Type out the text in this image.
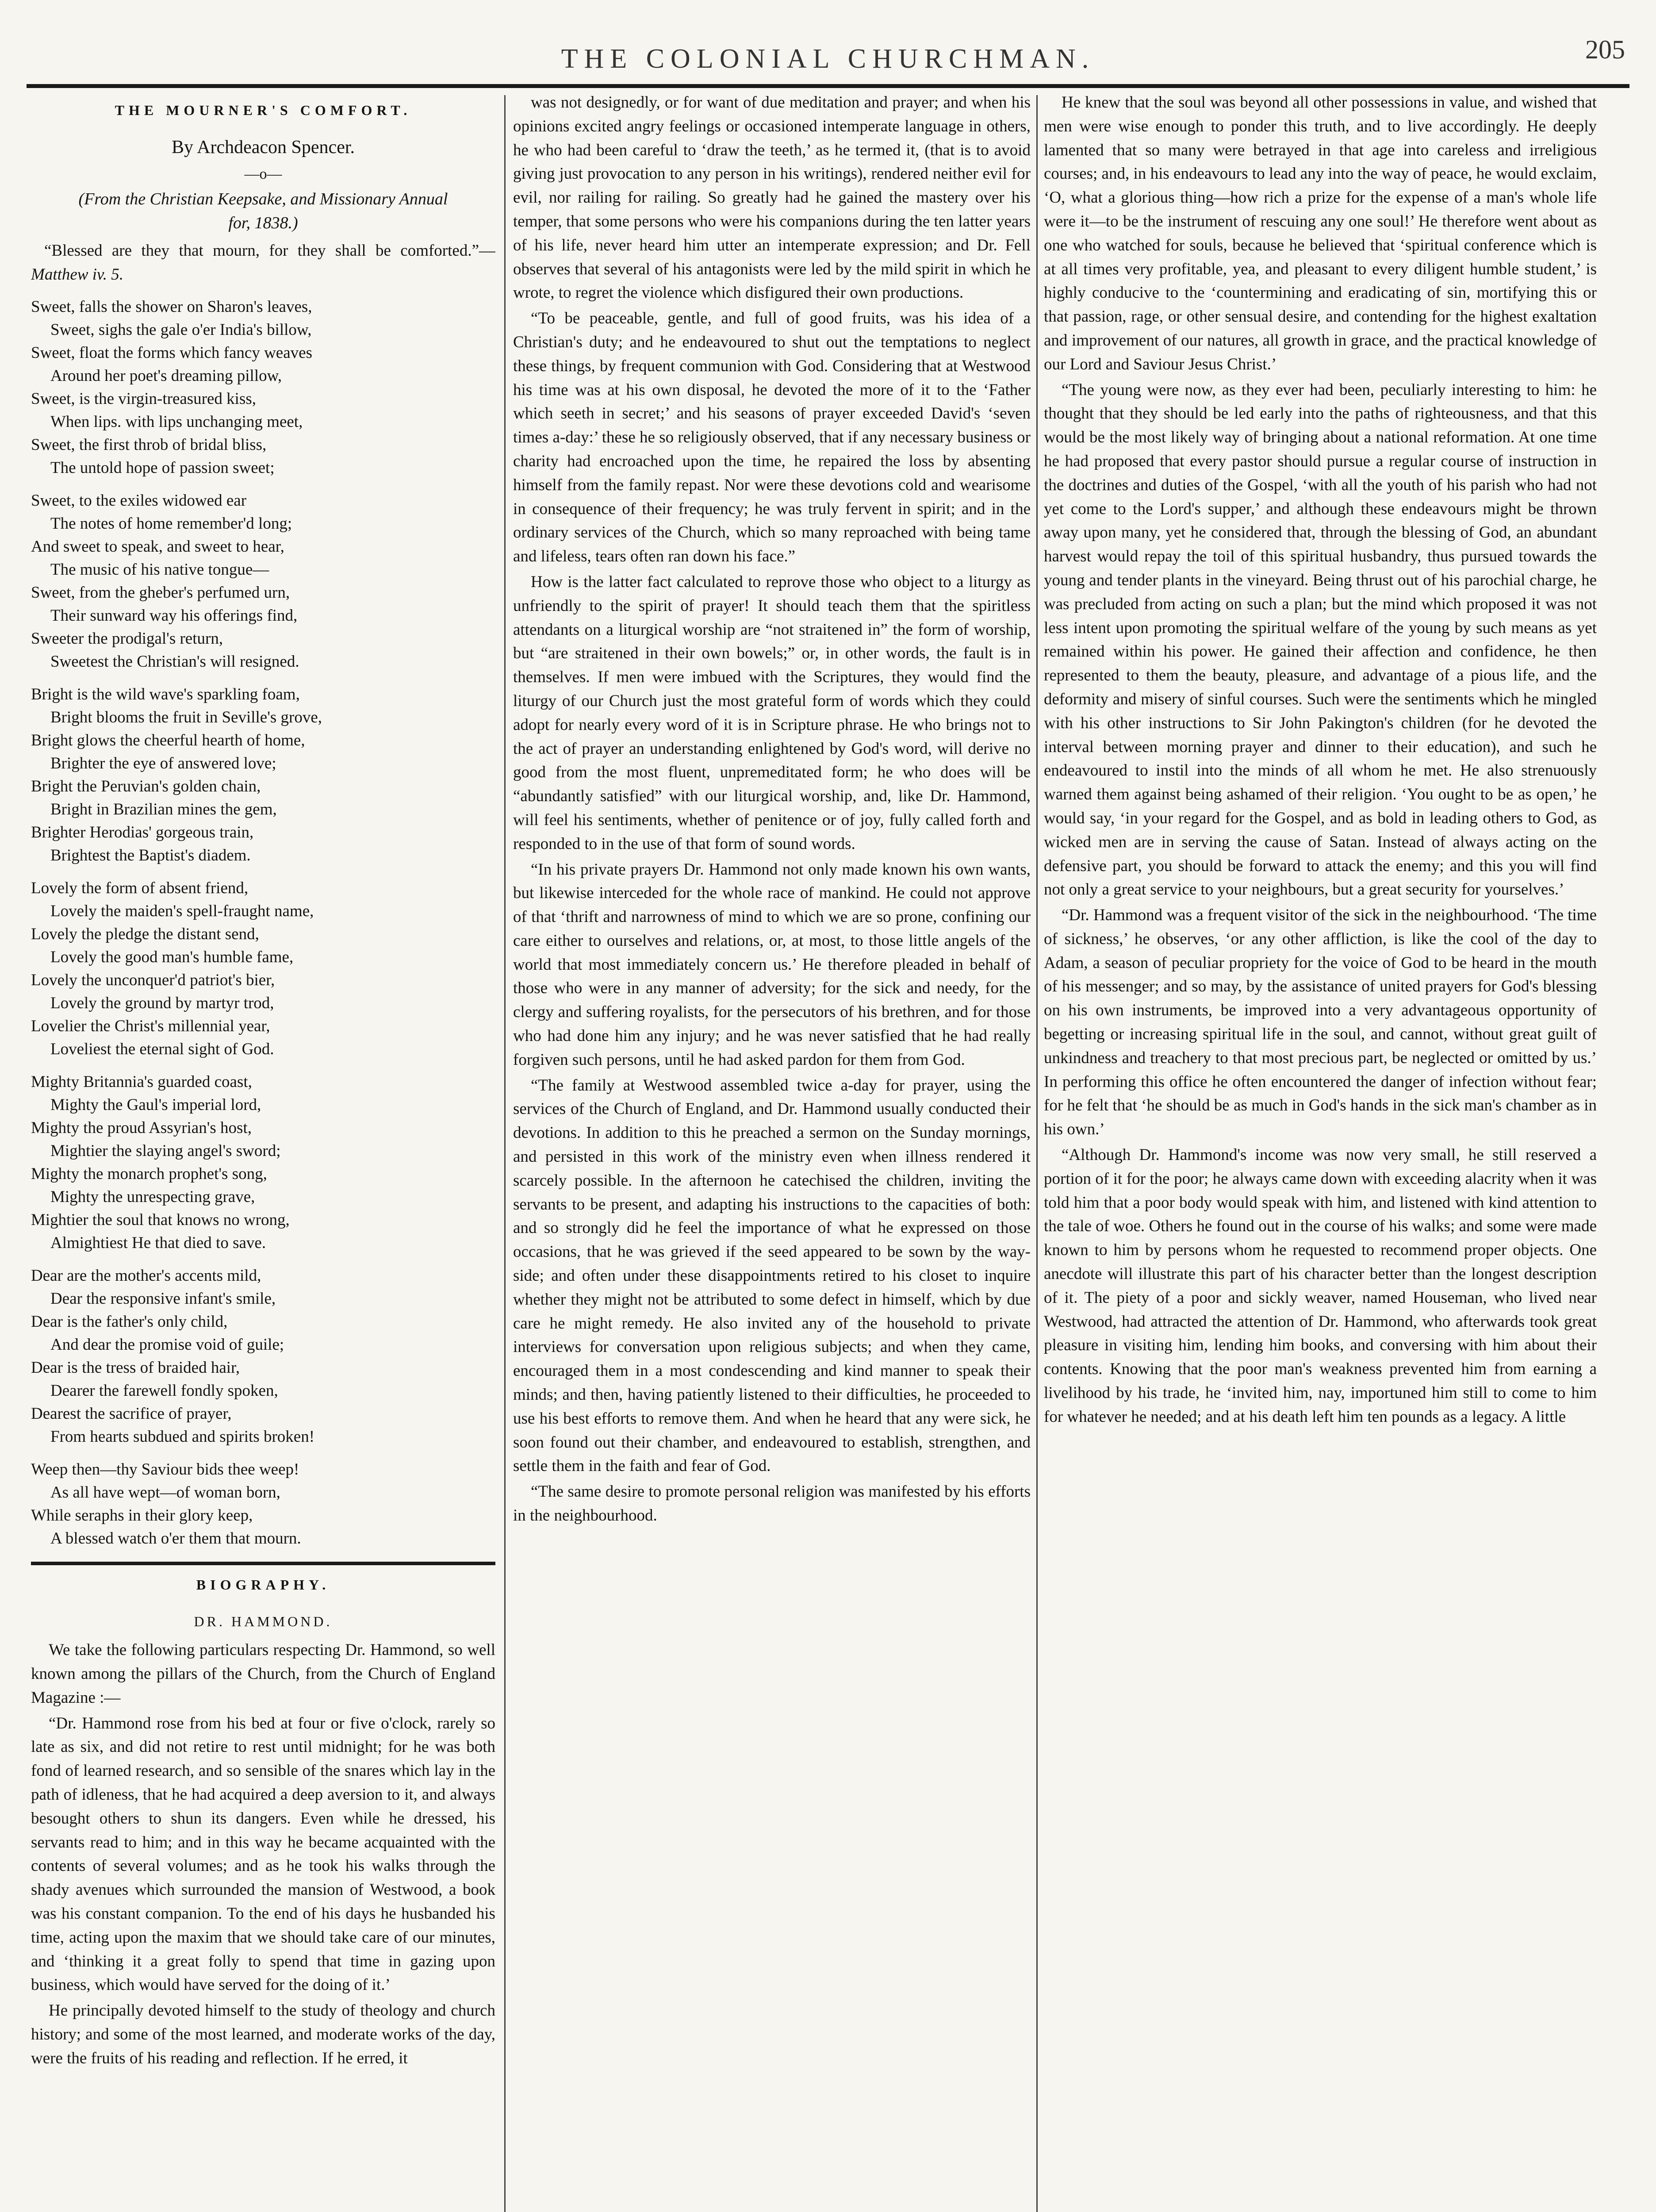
THE COLONIAL CHURCHMAN.	205
THE MOURNER'S COMFORT.
By Archdeacon Spencer.
—o—
(From the Christian Keepsake, and Missionary Annual
for, 1838.)
“Blessed are they that mourn, for they shall be comforted.”—Matthew iv. 5.
Sweet, falls the shower on Sharon's leaves,
Sweet, sighs the gale o'er India's billow,
Sweet, float the forms which fancy weaves
Around her poet's dreaming pillow,
Sweet, is the virgin-treasured kiss,
When lips. with lips unchanging meet,
Sweet, the first throb of bridal bliss,
The untold hope of passion sweet;
Sweet, to the exiles widowed ear
The notes of home remember'd long;
And sweet to speak, and sweet to hear,
The music of his native tongue—
Sweet, from the gheber's perfumed urn,
Their sunward way his offerings find,
Sweeter the prodigal's return,
Sweetest the Christian's will resigned.
Bright is the wild wave's sparkling foam,
Bright blooms the fruit in Seville's grove,
Bright glows the cheerful hearth of home,
Brighter the eye of answered love;
Bright the Peruvian's golden chain,
Bright in Brazilian mines the gem,
Brighter Herodias' gorgeous train,
Brightest the Baptist's diadem.
Lovely the form of absent friend,
Lovely the maiden's spell-fraught name,
Lovely the pledge the distant send,
Lovely the good man's humble fame,
Lovely the unconquer'd patriot's bier,
Lovely the ground by martyr trod,
Lovelier the Christ's millennial year,
Loveliest the eternal sight of God.
Mighty Britannia's guarded coast,
Mighty the Gaul's imperial lord,
Mighty the proud Assyrian's host,
Mightier the slaying angel's sword;
Mighty the monarch prophet's song,
Mighty the unrespecting grave,
Mightier the soul that knows no wrong,
Almightiest He that died to save.
Dear are the mother's accents mild,
Dear the responsive infant's smile,
Dear is the father's only child,
And dear the promise void of guile;
Dear is the tress of braided hair,
Dearer the farewell fondly spoken,
Dearest the sacrifice of prayer,
From hearts subdued and spirits broken!
Weep then—thy Saviour bids thee weep!
As all have wept—of woman born,
While seraphs in their glory keep,
A blessed watch o'er them that mourn.
BIOGRAPHY.
DR. HAMMOND.

We take the following particulars respecting Dr. Hammond, so well known among the pillars of the Church, from the Church of England Magazine :—

“Dr. Hammond rose from his bed at four or five o'clock, rarely so late as six, and did not retire to rest until midnight; for he was both fond of learned research, and so sensible of the snares which lay in the path of idleness, that he had acquired a deep aversion to it, and always besought others to shun its dangers. Even while he dressed, his servants read to him; and in this way he became acquainted with the contents of several volumes; and as he took his walks through the shady avenues which surrounded the mansion of Westwood, a book was his constant companion. To the end of his days he husbanded his time, acting upon the maxim that we should take care of our minutes, and ‘thinking it a great folly to spend that time in gazing upon business, which would have served for the doing of it.’

He principally devoted himself to the study of theology and church history; and some of the most learned, and moderate works of the day, were the fruits of his reading and reflection. If he erred, it

was not designedly, or for want of due meditation and prayer; and when his opinions excited angry feelings or occasioned intemperate language in others, he who had been careful to ‘draw the teeth,’ as he termed it, (that is to avoid giving just provocation to any person in his writings), rendered neither evil for evil, nor railing for railing. So greatly had he gained the mastery over his temper, that some persons who were his companions during the ten latter years of his life, never heard him utter an intemperate expression; and Dr. Fell observes that several of his antagonists were led by the mild spirit in which he wrote, to regret the violence which disfigured their own productions.

“To be peaceable, gentle, and full of good fruits, was his idea of a Christian's duty; and he endeavoured to shut out the temptations to neglect these things, by frequent communion with God. Considering that at Westwood his time was at his own disposal, he devoted the more of it to the ‘Father which seeth in secret;’ and his seasons of prayer exceeded David's ‘seven times a-day:’ these he so religiously observed, that if any necessary business or charity had encroached upon the time, he repaired the loss by absenting himself from the family repast. Nor were these devotions cold and wearisome in consequence of their frequency; he was truly fervent in spirit; and in the ordinary services of the Church, which so many reproached with being tame and lifeless, tears often ran down his face.”

How is the latter fact calculated to reprove those who object to a liturgy as unfriendly to the spirit of prayer! It should teach them that the spiritless attendants on a liturgical worship are “not straitened in” the form of worship, but “are straitened in their own bowels;” or, in other words, the fault is in themselves. If men were imbued with the Scriptures, they would find the liturgy of our Church just the most grateful form of words which they could adopt for nearly every word of it is in Scripture phrase. He who brings not to the act of prayer an understanding enlightened by God's word, will derive no good from the most fluent, unpremeditated form; he who does will be “abundantly satisfied” with our liturgical worship, and, like Dr. Hammond, will feel his sentiments, whether of penitence or of joy, fully called forth and responded to in the use of that form of sound words.

“In his private prayers Dr. Hammond not only made known his own wants, but likewise interceded for the whole race of mankind. He could not approve of that ‘thrift and narrowness of mind to which we are so prone, confining our care either to ourselves and relations, or, at most, to those little angels of the world that most immediately concern us.’ He therefore pleaded in behalf of those who were in any manner of adversity; for the sick and needy, for the clergy and suffering royalists, for the persecutors of his brethren, and for those who had done him any injury; and he was never satisfied that he had really forgiven such persons, until he had asked pardon for them from God.

“The family at Westwood assembled twice a-day for prayer, using the services of the Church of England, and Dr. Hammond usually conducted their devotions. In addition to this he preached a sermon on the Sunday mornings, and persisted in this work of the ministry even when illness rendered it scarcely possible. In the afternoon he catechised the children, inviting the servants to be present, and adapting his instructions to the capacities of both: and so strongly did he feel the importance of what he expressed on those occasions, that he was grieved if the seed appeared to be sown by the way-side; and often under these disappointments retired to his closet to inquire whether they might not be attributed to some defect in himself, which by due care he might remedy. He also invited any of the household to private interviews for conversation upon religious subjects; and when they came, encouraged them in a most condescending and kind manner to speak their minds; and then, having patiently listened to their difficulties, he proceeded to use his best efforts to remove them. And when he heard that any were sick, he soon found out their chamber, and endeavoured to establish, strengthen, and settle them in the faith and fear of God.

“The same desire to promote personal religion was manifested by his efforts in the neighbourhood.

He knew that the soul was beyond all other possessions in value, and wished that men were wise enough to ponder this truth, and to live accordingly. He deeply lamented that so many were betrayed in that age into careless and irreligious courses; and, in his endeavours to lead any into the way of peace, he would exclaim, ‘O, what a glorious thing—how rich a prize for the expense of a man's whole life were it—to be the instrument of rescuing any one soul!’ He therefore went about as one who watched for souls, because he believed that ‘spiritual conference which is at all times very profitable, yea, and pleasant to every diligent humble student,’ is highly conducive to the ‘countermining and eradicating of sin, mortifying this or that passion, rage, or other sensual desire, and contending for the highest exaltation and improvement of our natures, all growth in grace, and the practical knowledge of our Lord and Saviour Jesus Christ.’

“The young were now, as they ever had been, peculiarly interesting to him: he thought that they should be led early into the paths of righteousness, and that this would be the most likely way of bringing about a national reformation. At one time he had proposed that every pastor should pursue a regular course of instruction in the doctrines and duties of the Gospel, ‘with all the youth of his parish who had not yet come to the Lord's supper,’ and although these endeavours might be thrown away upon many, yet he considered that, through the blessing of God, an abundant harvest would repay the toil of this spiritual husbandry, thus pursued towards the young and tender plants in the vineyard. Being thrust out of his parochial charge, he was precluded from acting on such a plan; but the mind which proposed it was not less intent upon promoting the spiritual welfare of the young by such means as yet remained within his power. He gained their affection and confidence, he then represented to them the beauty, pleasure, and advantage of a pious life, and the deformity and misery of sinful courses. Such were the sentiments which he mingled with his other instructions to Sir John Pakington's children (for he devoted the interval between morning prayer and dinner to their education), and such he endeavoured to instil into the minds of all whom he met. He also strenuously warned them against being ashamed of their religion. ‘You ought to be as open,’ he would say, ‘in your regard for the Gospel, and as bold in leading others to God, as wicked men are in serving the cause of Satan. Instead of always acting on the defensive part, you should be forward to attack the enemy; and this you will find not only a great service to your neighbours, but a great security for yourselves.’

“Dr. Hammond was a frequent visitor of the sick in the neighbourhood. ‘The time of sickness,’ he observes, ‘or any other affliction, is like the cool of the day to Adam, a season of peculiar propriety for the voice of God to be heard in the mouth of his messenger; and so may, by the assistance of united prayers for God's blessing on his own instruments, be improved into a very advantageous opportunity of begetting or increasing spiritual life in the soul, and cannot, without great guilt of unkindness and treachery to that most precious part, be neglected or omitted by us.’ In performing this office he often encountered the danger of infection without fear; for he felt that ‘he should be as much in God's hands in the sick man's chamber as in his own.’

“Although Dr. Hammond's income was now very small, he still reserved a portion of it for the poor; he always came down with exceeding alacrity when it was told him that a poor body would speak with him, and listened with kind attention to the tale of woe. Others he found out in the course of his walks; and some were made known to him by persons whom he requested to recommend proper objects. One anecdote will illustrate this part of his character better than the longest description of it. The piety of a poor and sickly weaver, named Houseman, who lived near Westwood, had attracted the attention of Dr. Hammond, who afterwards took great pleasure in visiting him, lending him books, and conversing with him about their contents. Knowing that the poor man's weakness prevented him from earning a livelihood by his trade, he ‘invited him, nay, importuned him still to come to him for whatever he needed; and at his death left him ten pounds as a legacy. A little
